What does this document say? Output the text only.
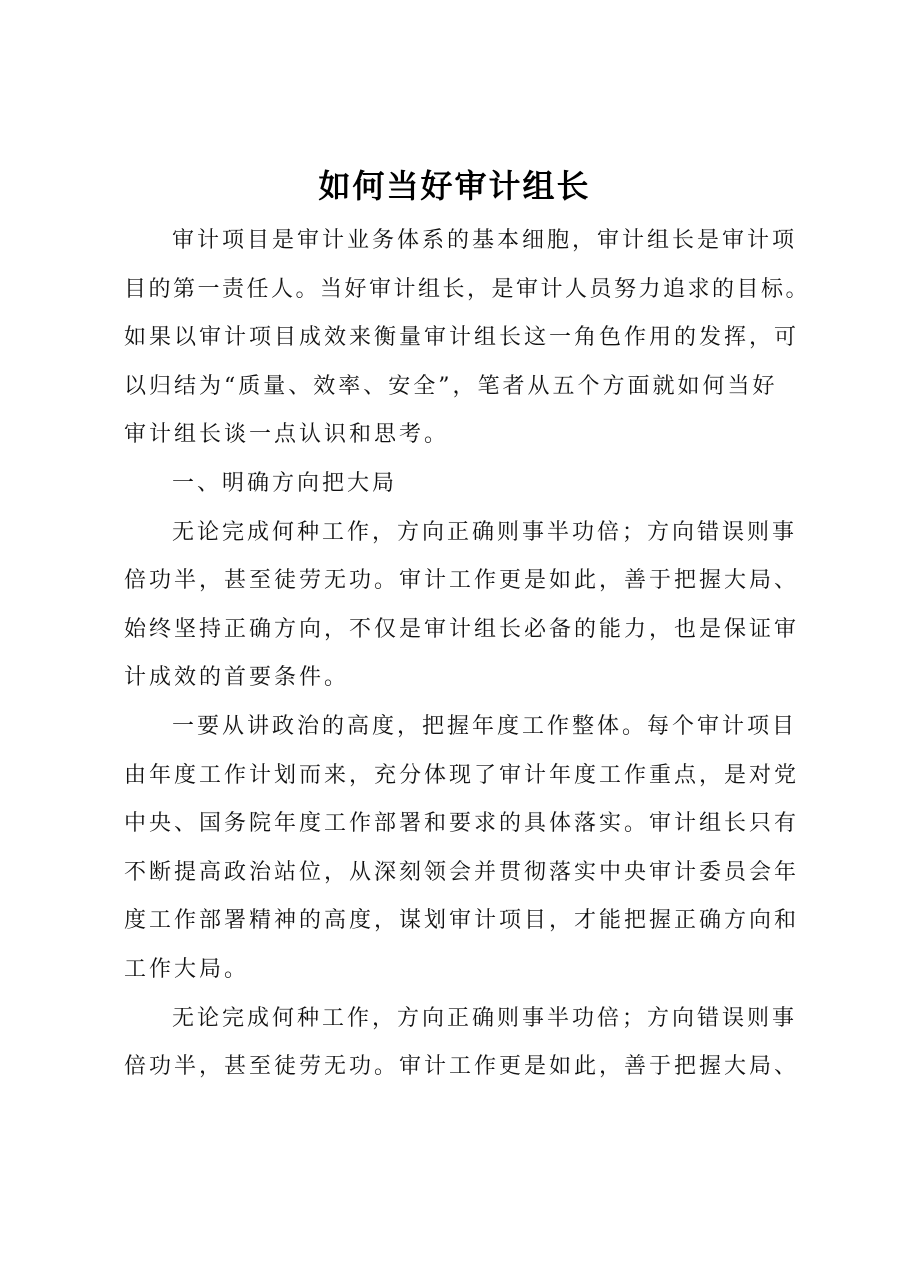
如何当好审计组长
审计项目是审计业务体系的基本细胞，审计组长是审计项
目的第一责任人。当好审计组长，是审计人员努力追求的目标。
如果以审计项目成效来衡量审计组长这一角色作用的发挥，可
以归结为“质量、效率、安全”，笔者从五个方面就如何当好
审计组长谈一点认识和思考。
一、明确方向把大局
无论完成何种工作，方向正确则事半功倍；方向错误则事
倍功半，甚至徒劳无功。审计工作更是如此，善于把握大局、
始终坚持正确方向，不仅是审计组长必备的能力，也是保证审
计成效的首要条件。
一要从讲政治的高度，把握年度工作整体。每个审计项目
由年度工作计划而来，充分体现了审计年度工作重点，是对党
中央、国务院年度工作部署和要求的具体落实。审计组长只有
不断提高政治站位，从深刻领会并贯彻落实中央审计委员会年
度工作部署精神的高度，谋划审计项目，才能把握正确方向和
工作大局。
无论完成何种工作，方向正确则事半功倍；方向错误则事
倍功半，甚至徒劳无功。审计工作更是如此，善于把握大局、
